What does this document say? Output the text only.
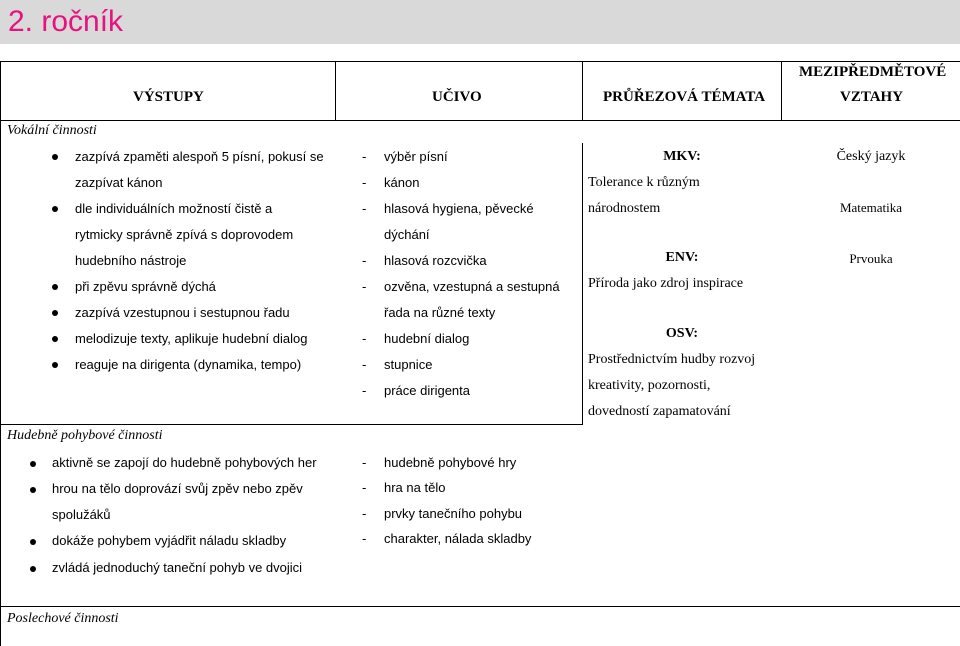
2. ročník
VÝSTUPY	UČIVO	PRŮŘEZOVÁ TÉMATA
MEZIPŘEDMĚTOVÉ
VZTAHY
Vokální činnosti
zazpívá zpaměti alespoň 5 písní, pokusí se
zazpívat kánon
dle individuálních možností čistě a
rytmicky správně zpívá s doprovodem
hudebního nástroje
při zpěvu správně dýchá
zazpívá vzestupnou i sestupnou řadu
melodizuje texty, aplikuje hudební dialog
reaguje na dirigenta (dynamika, tempo)
- výběr písní
- kánon
- hlasová hygiena, pěvecké
dýchání
- hlasová rozcvička
- ozvěna, vzestupná a sestupná
řada na různé texty
- hudební dialog
- stupnice
- práce dirigenta
MKV:
Tolerance k různým
národnostem
ENV:
Příroda jako zdroj inspirace
OSV:
Prostřednictvím hudby rozvoj
kreativity, pozornosti,
dovedností zapamatování
Český jazyk
Matematika
Prvouka
Hudebně pohybové činnosti
aktivně se zapojí do hudebně pohybových her
hrou na tělo doprovází svůj zpěv nebo zpěv
spolužáků
dokáže pohybem vyjádřit náladu skladby
zvládá jednoduchý taneční pohyb ve dvojici
- hudebně pohybové hry
- hra na tělo
- prvky tanečního pohybu
- charakter, nálada skladby
Poslechové činnosti
